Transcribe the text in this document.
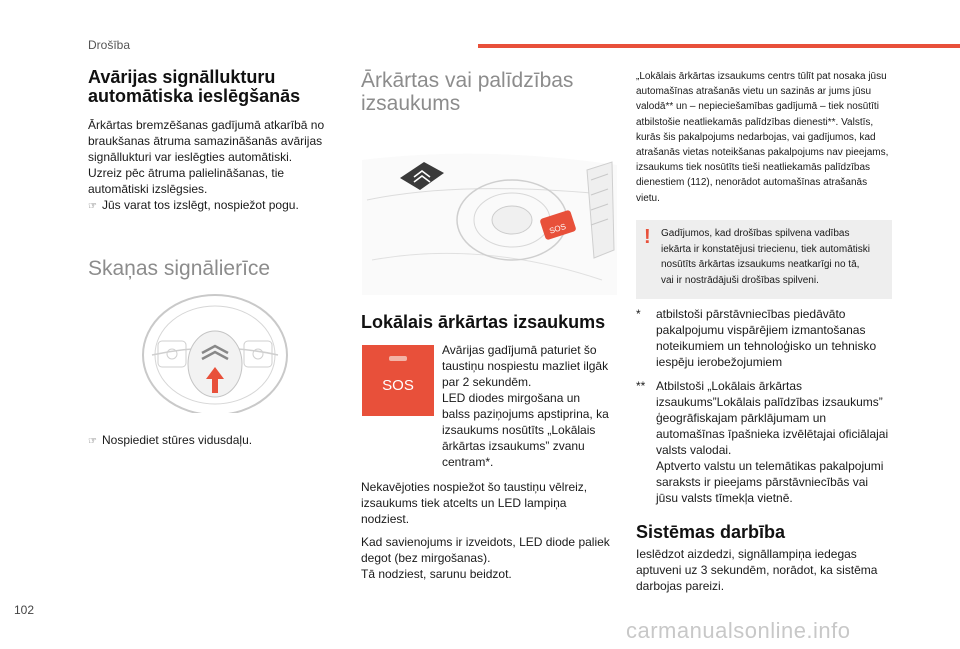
Drošība
Avārijas signāllukturu
automātiska ieslēgšanās

Ārkārtas bremzēšanas gadījumā atkarībā no

braukšanas ātruma samazināšanās avārijas

signāllukturi var ieslēgties automātiski.

Uzreiz pēc ātruma palielināšanas, tie

automātiski izslēgsies.

☞ Jūs varat tos izslēgt, nospiežot pogu.

Skaņas signālierīce
☞ Nospiediet stūres vidusdaļu.
Ārkārtas vai palīdzības
izsaukums
SOS
Lokālais ārkārtas izsaukums
SOS

Avārijas gadījumā paturiet šo

taustiņu nospiestu mazliet ilgāk

par 2 sekundēm.

LED diodes mirgošana un

balss paziņojums apstiprina, ka

izsaukums nosūtīts „Lokālais

ārkārtas izsaukums” zvanu

centram*.

Nekavējoties nospiežot šo taustiņu vēlreiz,

izsaukums tiek atcelts un LED lampiņa

nodziest.

Kad savienojums ir izveidots, LED diode paliek

degot (bez mirgošanas).

Tā nodziest, sarunu beidzot.

„Lokālais ārkārtas izsaukums centrs tūlīt pat nosaka jūsu
automašīnas atrašanās vietu un sazinās ar jums jūsu
valodā** un – nepieciešamības gadījumā – tiek nosūtīti
atbilstošie neatliekamās palīdzības dienesti**. Valstīs,
kurās šis pakalpojums nedarbojas, vai gadījumos, kad
atrašanās vietas noteikšanas pakalpojums nav pieejams,
izsaukums tiek nosūtīts tieši neatliekamās palīdzības
dienestiem (112), nenorādot automašīnas atrašanās
vietu.
! Gadījumos, kad drošības spilvena vadības
iekārta ir konstatējusi triecienu, tiek automātiski
nosūtīts ārkārtas izsaukums neatkarīgi no tā,
vai ir nostrādājuši drošības spilveni.
* atbilstoši pārstāvniecības piedāvāto
pakalpojumu vispārējiem izmantošanas
noteikumiem un tehnoloģisko un tehnisko
iespēju ierobežojumiem
** Atbilstoši „Lokālais ārkārtas
izsaukums”Lokālais palīdzības izsaukums”
ģeogrāfiskajam pārklājumam un
automašīnas īpašnieka izvēlētajai oficiālajai
valsts valodai.
Aptverto valstu un telemātikas pakalpojumi
saraksts ir pieejams pārstāvniecībās vai
jūsu valsts tīmekļa vietnē.
Sistēmas darbība

Ieslēdzot aizdedzi, signāllampiņa iedegas

aptuveni uz 3 sekundēm, norādot, ka sistēma

darbojas pareizi.

102
carmanualsonline.info
